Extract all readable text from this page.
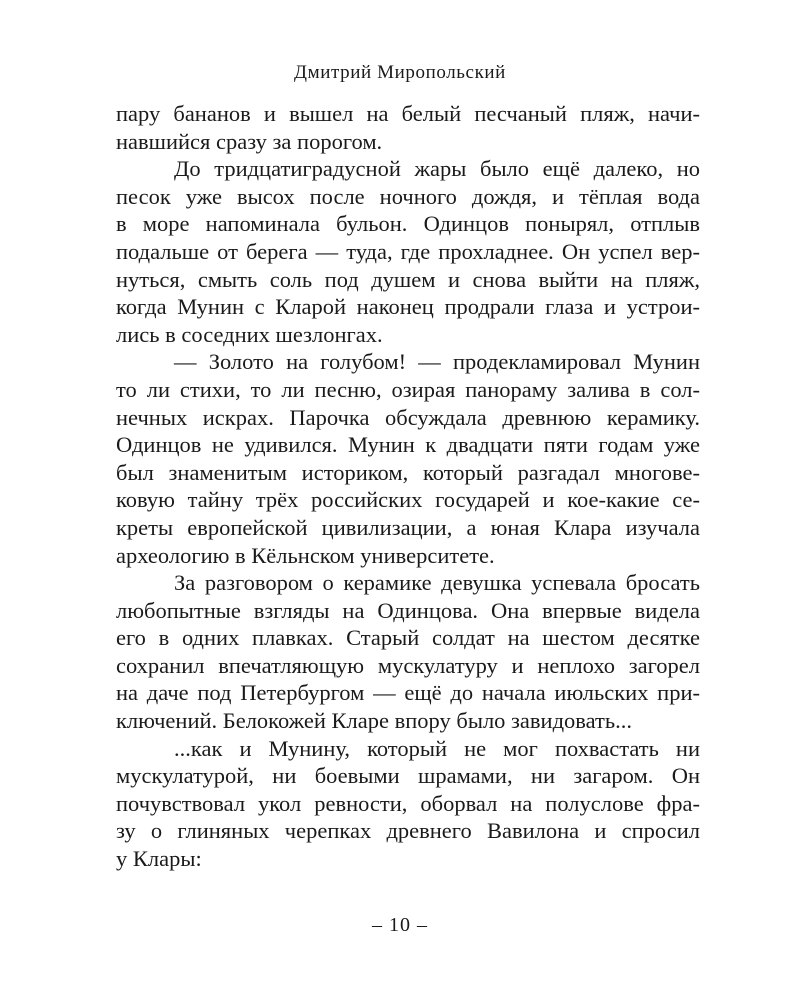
Дмитрий Миропольский
пару бананов и вышел на белый песчаный пляж, начи-
навшийся сразу за порогом.
До тридцатиградусной жары было ещё далеко, но
песок уже высох после ночного дождя, и тёплая вода
в море напоминала бульон. Одинцов понырял, отплыв
подальше от берега — туда, где прохладнее. Он успел вер-
нуться, смыть соль под душем и снова выйти на пляж,
когда Мунин с Кларой наконец продрали глаза и устрои-
лись в соседних шезлонгах.
— Золото на голубом! — продекламировал Мунин
то ли стихи, то ли песню, озирая панораму залива в сол-
нечных искрах. Парочка обсуждала древнюю керамику.
Одинцов не удивился. Мунин к двадцати пяти годам уже
был знаменитым историком, который разгадал многове-
ковую тайну трёх российских государей и кое-какие се-
креты европейской цивилизации, а юная Клара изучала
археологию в Кёльнском университете.
За разговором о керамике девушка успевала бросать
любопытные взгляды на Одинцова. Она впервые видела
его в одних плавках. Старый солдат на шестом десятке
сохранил впечатляющую мускулатуру и неплохо загорел
на даче под Петербургом — ещё до начала июльских при-
ключений. Белокожей Кларе впору было завидовать...
...как и Мунину, который не мог похвастать ни
мускулатурой, ни боевыми шрамами, ни загаром. Он
почувствовал укол ревности, оборвал на полуслове фра-
зу о глиняных черепках древнего Вавилона и спросил
у Клары:
– 10 –
